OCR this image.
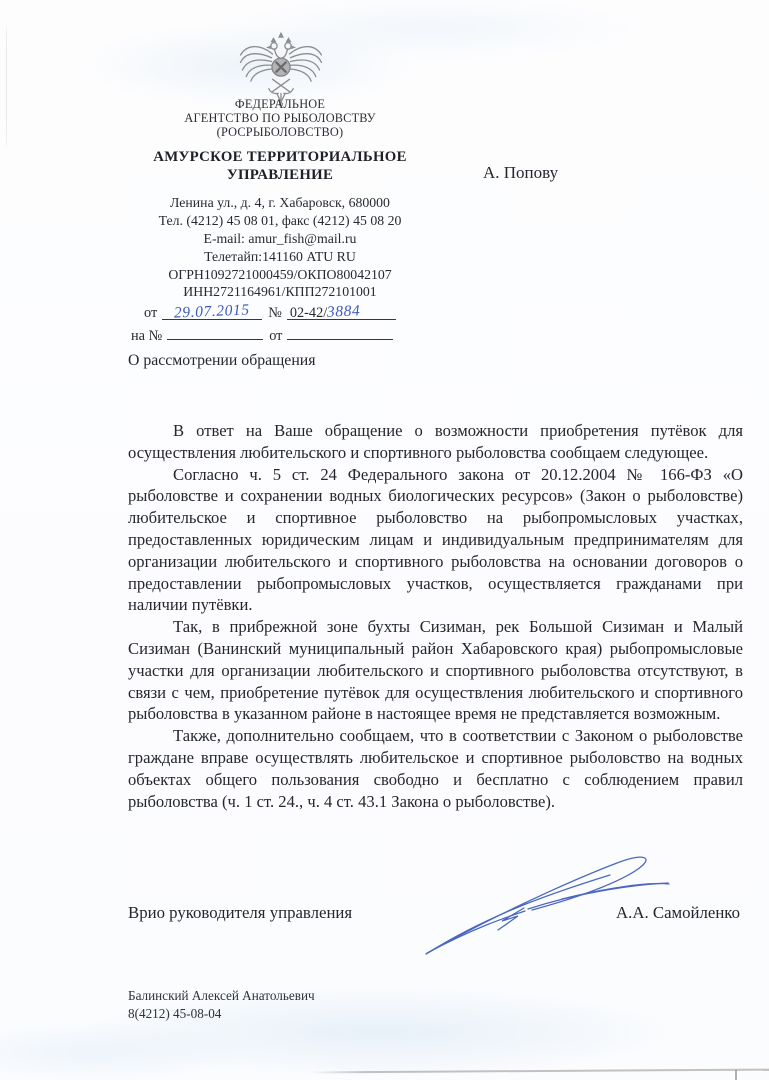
ФЕДЕРАЛЬНОЕ
АГЕНТСТВО ПО РЫБОЛОВСТВУ
(РОСРЫБОЛОВСТВО)
АМУРСКОЕ ТЕРРИТОРИАЛЬНОЕ
УПРАВЛЕНИЕ
Ленина ул., д. 4, г. Хабаровск, 680000
Тел. (4212) 45 08 01, факс (4212) 45 08 20
E-mail: amur_fish@mail.ru
Телетайп:141160 ATU RU
ОГРН1092721000459/ОКПО80042107
ИНН2721164961/КПП272101001
от 29.07.2015 № 02-42/3884
на №	от
А. Попову
О рассмотрении обращения

В ответ на Ваше обращение о возможности приобретения путёвок для осуществления любительского и спортивного рыболовства сообщаем следующее.

Согласно ч. 5 ст. 24 Федерального закона от 20.12.2004 № 166-ФЗ «О рыболовстве и сохранении водных биологических ресурсов» (Закон о рыболовстве) любительское и спортивное рыболовство на рыбопромысловых участках, предоставленных юридическим лицам и индивидуальным предпринимателям для организации любительского и спортивного рыболовства на основании договоров о предоставлении рыбопромысловых участков, осуществляется гражданами при наличии путёвки.

Так, в прибрежной зоне бухты Сизиман, рек Большой Сизиман и Малый Сизиман (Ванинский муниципальный район Хабаровского края) рыбопромысловые участки для организации любительского и спортивного рыболовства отсутствуют, в связи с чем, приобретение путёвок для осуществления любительского и спортивного рыболовства в указанном районе в настоящее время не представляется возможным.

Также, дополнительно сообщаем, что в соответствии с Законом о рыболовстве граждане вправе осуществлять любительское и спортивное рыболовство на водных объектах общего пользования свободно и бесплатно с соблюдением правил рыболовства (ч. 1 ст. 24., ч. 4 ст. 43.1 Закона о рыболовстве).

Врио руководителя управления	А.А. Самойленко
Балинский Алексей Анатольевич
8(4212) 45-08-04
